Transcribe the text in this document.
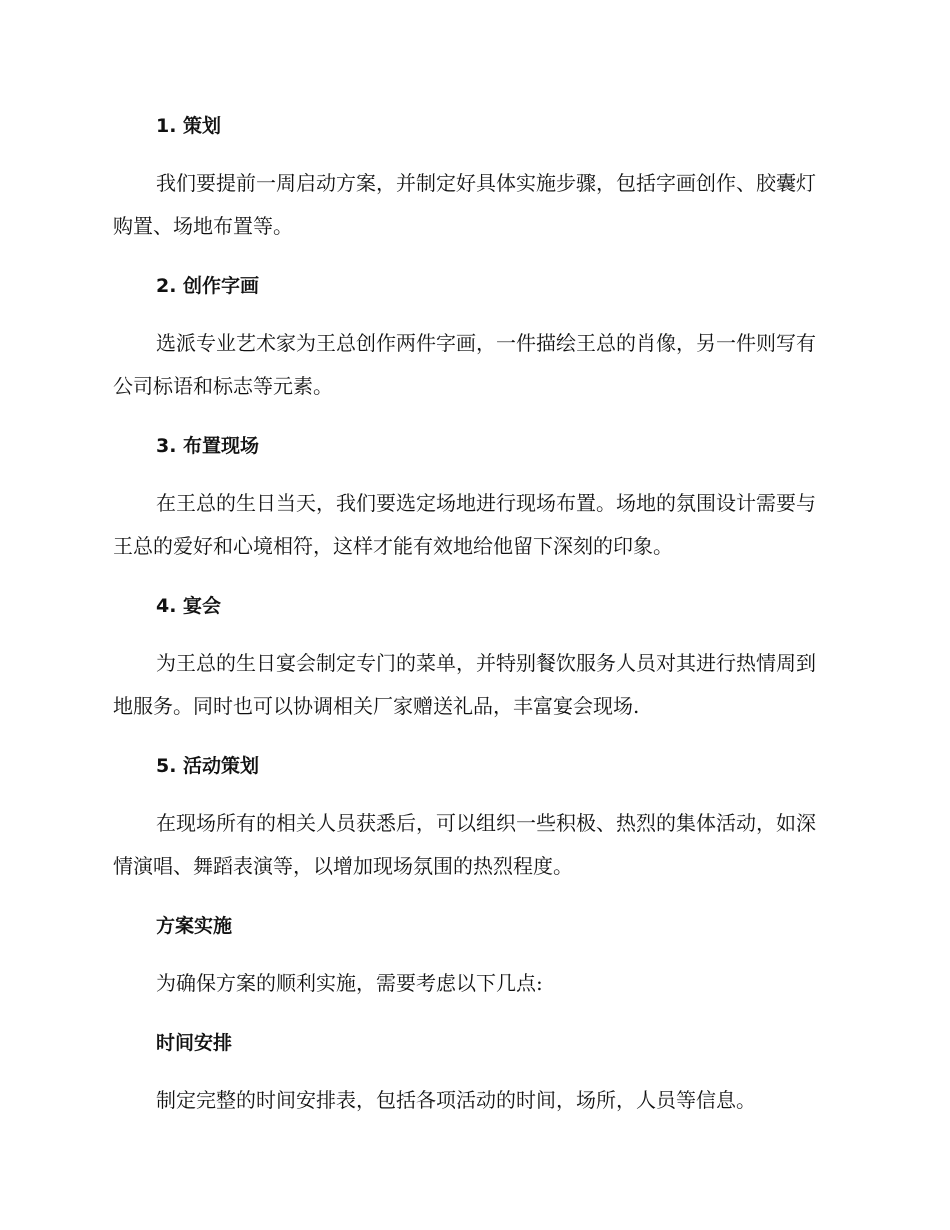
1. 策划

我们要提前一周启动方案，并制定好具体实施步骤，包括字画创作、胶囊灯购置、场地布置等。

2. 创作字画

选派专业艺术家为王总创作两件字画，一件描绘王总的肖像，另一件则写有公司标语和标志等元素。

3. 布置现场

在王总的生日当天，我们要选定场地进行现场布置。场地的氛围设计需要与王总的爱好和心境相符，这样才能有效地给他留下深刻的印象。

4. 宴会

为王总的生日宴会制定专门的菜单，并特别餐饮服务人员对其进行热情周到地服务。同时也可以协调相关厂家赠送礼品，丰富宴会现场.

5. 活动策划

在现场所有的相关人员获悉后，可以组织一些积极、热烈的集体活动，如深情演唱、舞蹈表演等，以增加现场氛围的热烈程度。

方案实施

为确保方案的顺利实施，需要考虑以下几点:

时间安排

制定完整的时间安排表，包括各项活动的时间，场所，人员等信息。
